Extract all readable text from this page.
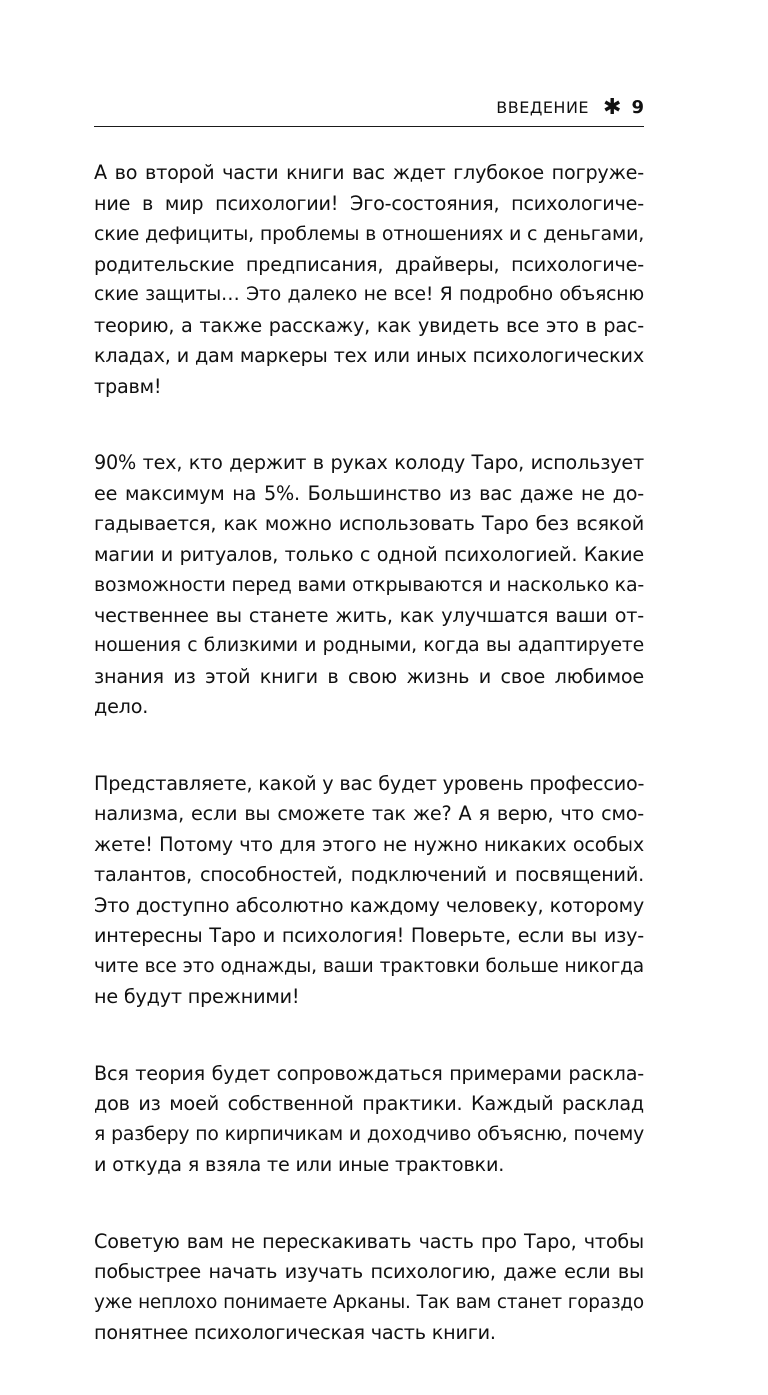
ВВЕДЕНИЕ ✱ 9

А во второй части книги вас ждет глубокое погруже-
ние в мир психологии! Эго-состояния, психологиче-
ские дефициты, проблемы в отношениях и с деньгами,
родительские предписания, драйверы, психологиче-
ские защиты… Это далеко не все! Я подробно объясню
теорию, а также расскажу, как увидеть все это в рас-
кладах, и дам маркеры тех или иных психологических
травм!

90% тех, кто держит в руках колоду Таро, использует
ее максимум на 5%. Большинство из вас даже не до-
гадывается, как можно использовать Таро без всякой
магии и ритуалов, только с одной психологией. Какие
возможности перед вами открываются и насколько ка-
чественнее вы станете жить, как улучшатся ваши от-
ношения с близкими и родными, когда вы адаптируете
знания из этой книги в свою жизнь и свое любимое
дело.

Представляете, какой у вас будет уровень профессио-
нализма, если вы сможете так же? А я верю, что смо-
жете! Потому что для этого не нужно никаких особых
талантов, способностей, подключений и посвящений.
Это доступно абсолютно каждому человеку, которому
интересны Таро и психология! Поверьте, если вы изу-
чите все это однажды, ваши трактовки больше никогда
не будут прежними!

Вся теория будет сопровождаться примерами раскла-
дов из моей собственной практики. Каждый расклад
я разберу по кирпичикам и доходчиво объясню, почему
и откуда я взяла те или иные трактовки.

Советую вам не перескакивать часть про Таро, чтобы
побыстрее начать изучать психологию, даже если вы
уже неплохо понимаете Арканы. Так вам станет гораздо
понятнее психологическая часть книги.
